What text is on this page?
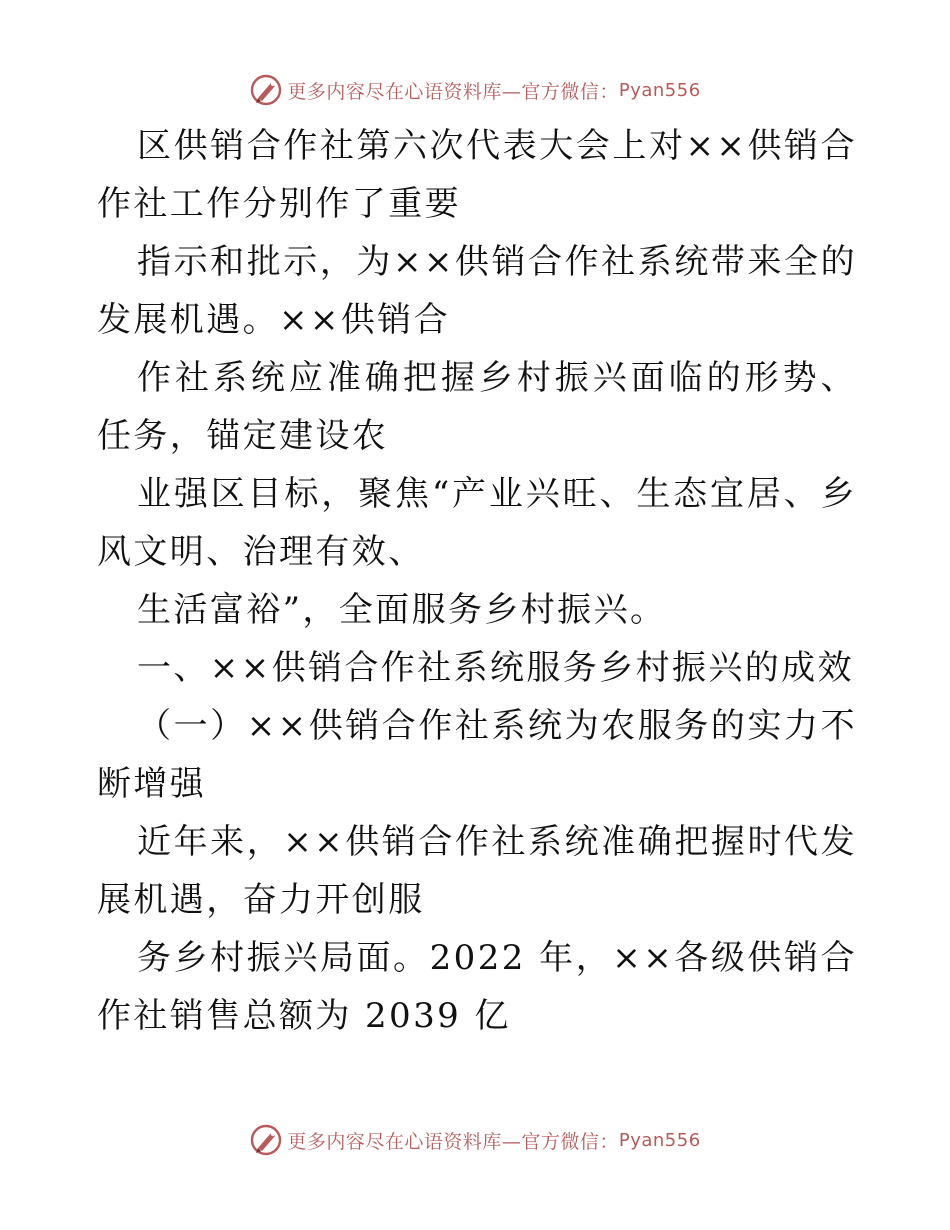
更多内容尽在心语资料库—官方微信： Pyan556

区供销合作社第六次代表大会上对××供销合作社工作分别作了重要

指示和批示，为××供销合作社系统带来全的发展机遇。××供销合

作社系统应准确把握乡村振兴面临的形势、任务，锚定建设农

业强区目标，聚焦“产业兴旺、生态宜居、乡风文明、治理有效、

生活富裕”，全面服务乡村振兴。

一、××供销合作社系统服务乡村振兴的成效

（一）××供销合作社系统为农服务的实力不断增强

近年来，××供销合作社系统准确把握时代发展机遇，奋力开创服

务乡村振兴局面。2022 年，××各级供销合作社销售总额为 2039 亿

更多内容尽在心语资料库—官方微信： Pyan556
